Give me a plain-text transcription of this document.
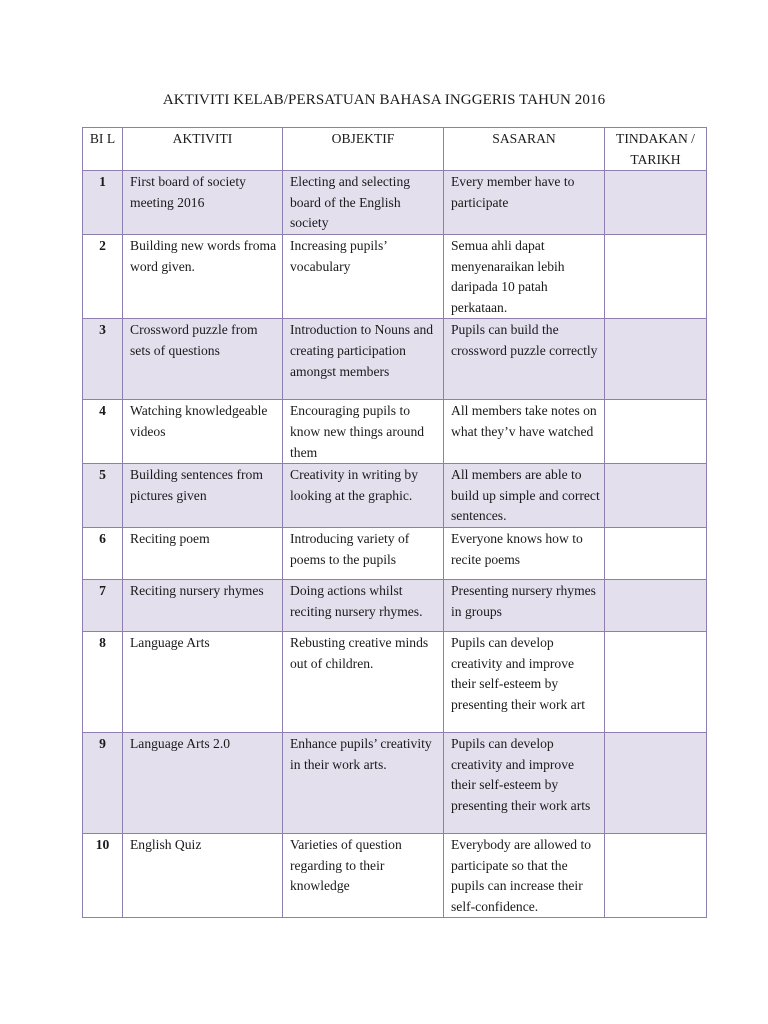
AKTIVITI KELAB/PERSATUAN BAHASA INGGERIS TAHUN 2016
BI L	AKTIVITI	OBJEKTIF	SASARAN	TINDAKAN / TARIKH
1	First board of society meeting 2016	Electing and selecting board of the English society	Every member have to participate	
2	Building new words froma word given.	Increasing pupils’ vocabulary	Semua ahli dapat menyenaraikan lebih daripada 10 patah perkataan.	
3	Crossword puzzle from sets of questions	Introduction to Nouns and creating participation amongst members	Pupils can build the crossword puzzle correctly	
4	Watching knowledgeable videos	Encouraging pupils to know new things around them	All members take notes on what they’v have watched	
5	Building sentences from pictures given	Creativity in writing by looking at the graphic.	All members are able to build up simple and correct sentences.	
6	Reciting poem	Introducing variety of poems to the pupils	Everyone knows how to recite poems	
7	Reciting nursery rhymes	Doing actions whilst reciting nursery rhymes.	Presenting nursery rhymes in groups	
8	Language Arts	Rebusting creative minds out of children.	Pupils can develop creativity and improve their self-esteem by presenting their work art	
9	Language Arts 2.0	Enhance pupils’ creativity in their work arts.	Pupils can develop creativity and improve their self-esteem by presenting their work arts	
10	English Quiz	Varieties of question regarding to their knowledge	Everybody are allowed to participate so that the pupils can increase their self-confidence.	
